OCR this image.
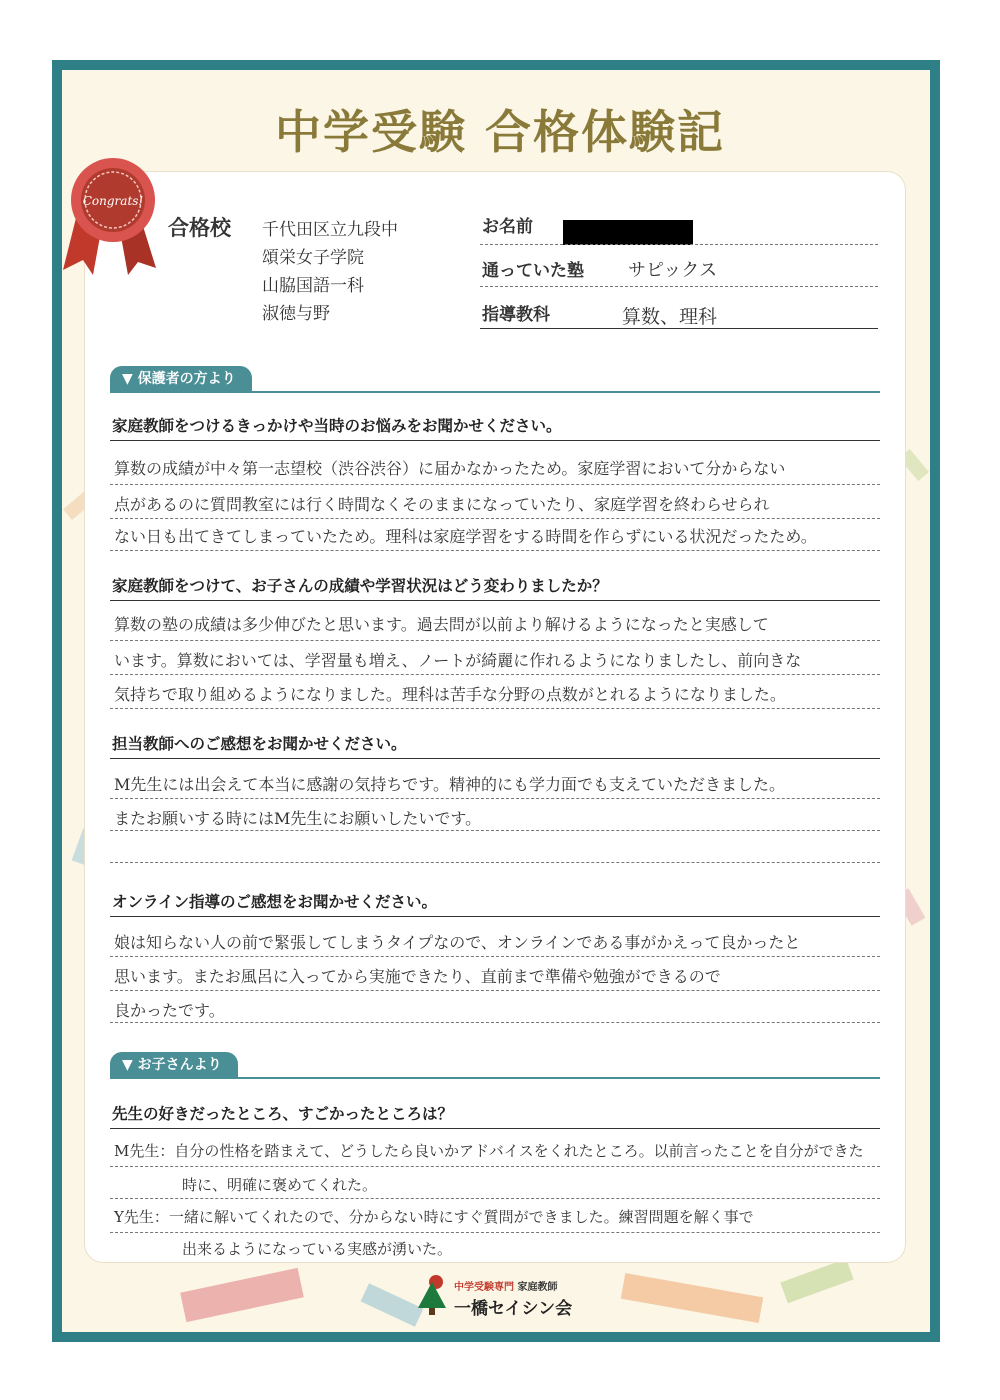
中学受験 合格体験記
Congrats!
合格校 千代田区立九段中
頌栄女子学院
山脇国語一科
淑徳与野
お名前
通っていた塾 サピックス
指導教科	算数、理科
▼ 保護者の方より
家庭教師をつけるきっかけや当時のお悩みをお聞かせください。
算数の成績が中々第一志望校（渋谷渋谷）に届かなかったため。家庭学習において分からない
点があるのに質問教室には行く時間なくそのままになっていたり、家庭学習を終わらせられ
ない日も出てきてしまっていたため。理科は家庭学習をする時間を作らずにいる状況だったため。
家庭教師をつけて、お子さんの成績や学習状況はどう変わりましたか？
算数の塾の成績は多少伸びたと思います。過去問が以前より解けるようになったと実感して
います。算数においては、学習量も増え、ノートが綺麗に作れるようになりましたし、前向きな
気持ちで取り組めるようになりました。理科は苦手な分野の点数がとれるようになりました。
担当教師へのご感想をお聞かせください。
M先生には出会えて本当に感謝の気持ちです。精神的にも学力面でも支えていただきました。
またお願いする時にはM先生にお願いしたいです。
オンライン指導のご感想をお聞かせください。
娘は知らない人の前で緊張してしまうタイプなので、オンラインである事がかえって良かったと
思います。またお風呂に入ってから実施できたり、直前まで準備や勉強ができるので
良かったです。
▼ お子さんより
先生の好きだったところ、すごかったところは？
M先生：自分の性格を踏まえて、どうしたら良いかアドバイスをくれたところ。以前言ったことを自分ができた
時に、明確に褒めてくれた。
Y先生：一緒に解いてくれたので、分からない時にすぐ質問ができました。練習問題を解く事で
出来るようになっている実感が湧いた。
中学受験専門 家庭教師
一橋セイシン会
